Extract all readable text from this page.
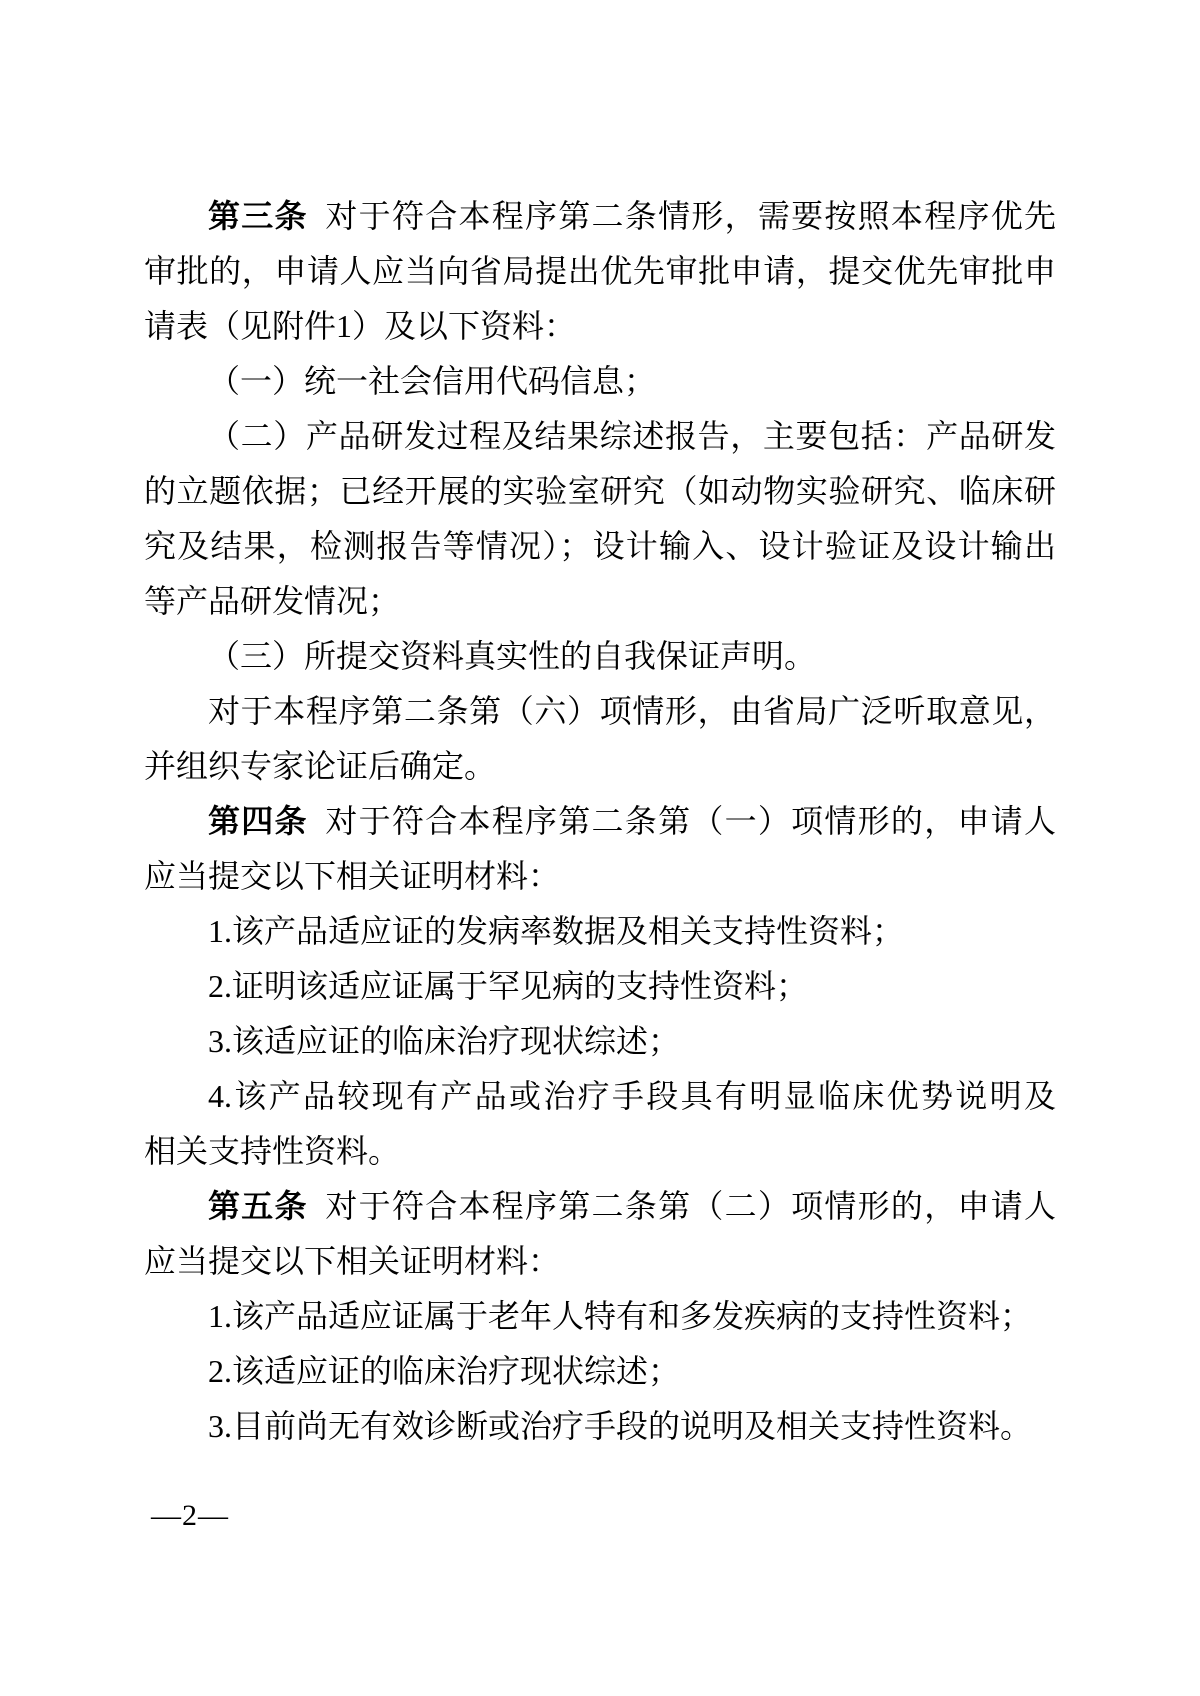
第三条 对于符合本程序第二条情形，需要按照本程序优先
审批的，申请人应当向省局提出优先审批申请，提交优先审批申
请表（见附件1）及以下资料：
（一）统一社会信用代码信息；
（二）产品研发过程及结果综述报告，主要包括：产品研发
的立题依据；已经开展的实验室研究（如动物实验研究、临床研
究及结果，检测报告等情况）；设计输入、设计验证及设计输出
等产品研发情况；
（三）所提交资料真实性的自我保证声明。
对于本程序第二条第（六）项情形，由省局广泛听取意见，
并组织专家论证后确定。
第四条 对于符合本程序第二条第（一）项情形的，申请人
应当提交以下相关证明材料：
1.该产品适应证的发病率数据及相关支持性资料；
2.证明该适应证属于罕见病的支持性资料；
3.该适应证的临床治疗现状综述；
4.该产品较现有产品或治疗手段具有明显临床优势说明及
相关支持性资料。
第五条 对于符合本程序第二条第（二）项情形的，申请人
应当提交以下相关证明材料：
1.该产品适应证属于老年人特有和多发疾病的支持性资料；
2.该适应证的临床治疗现状综述；
3.目前尚无有效诊断或治疗手段的说明及相关支持性资料。
—2—
